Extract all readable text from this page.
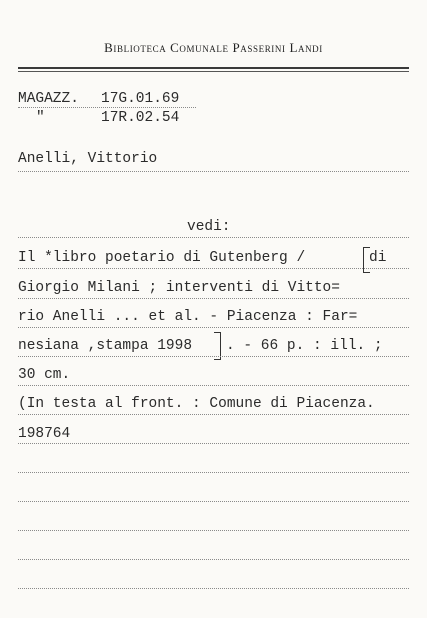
Biblioteca Comunale Passerini Landi
MAGAZZ. 17G.01.69
"	17R.02.54
Anelli, Vittorio
vedi:
Il *libro poetario di Gutenberg /	di
Giorgio Milani ; interventi di Vitto=
rio Anelli ... et al. - Piacenza : Far=
nesiana ,stampa 1998 . - 66 p. : ill. ;
30 cm.
(In testa al front. : Comune di Piacenza.
198764
